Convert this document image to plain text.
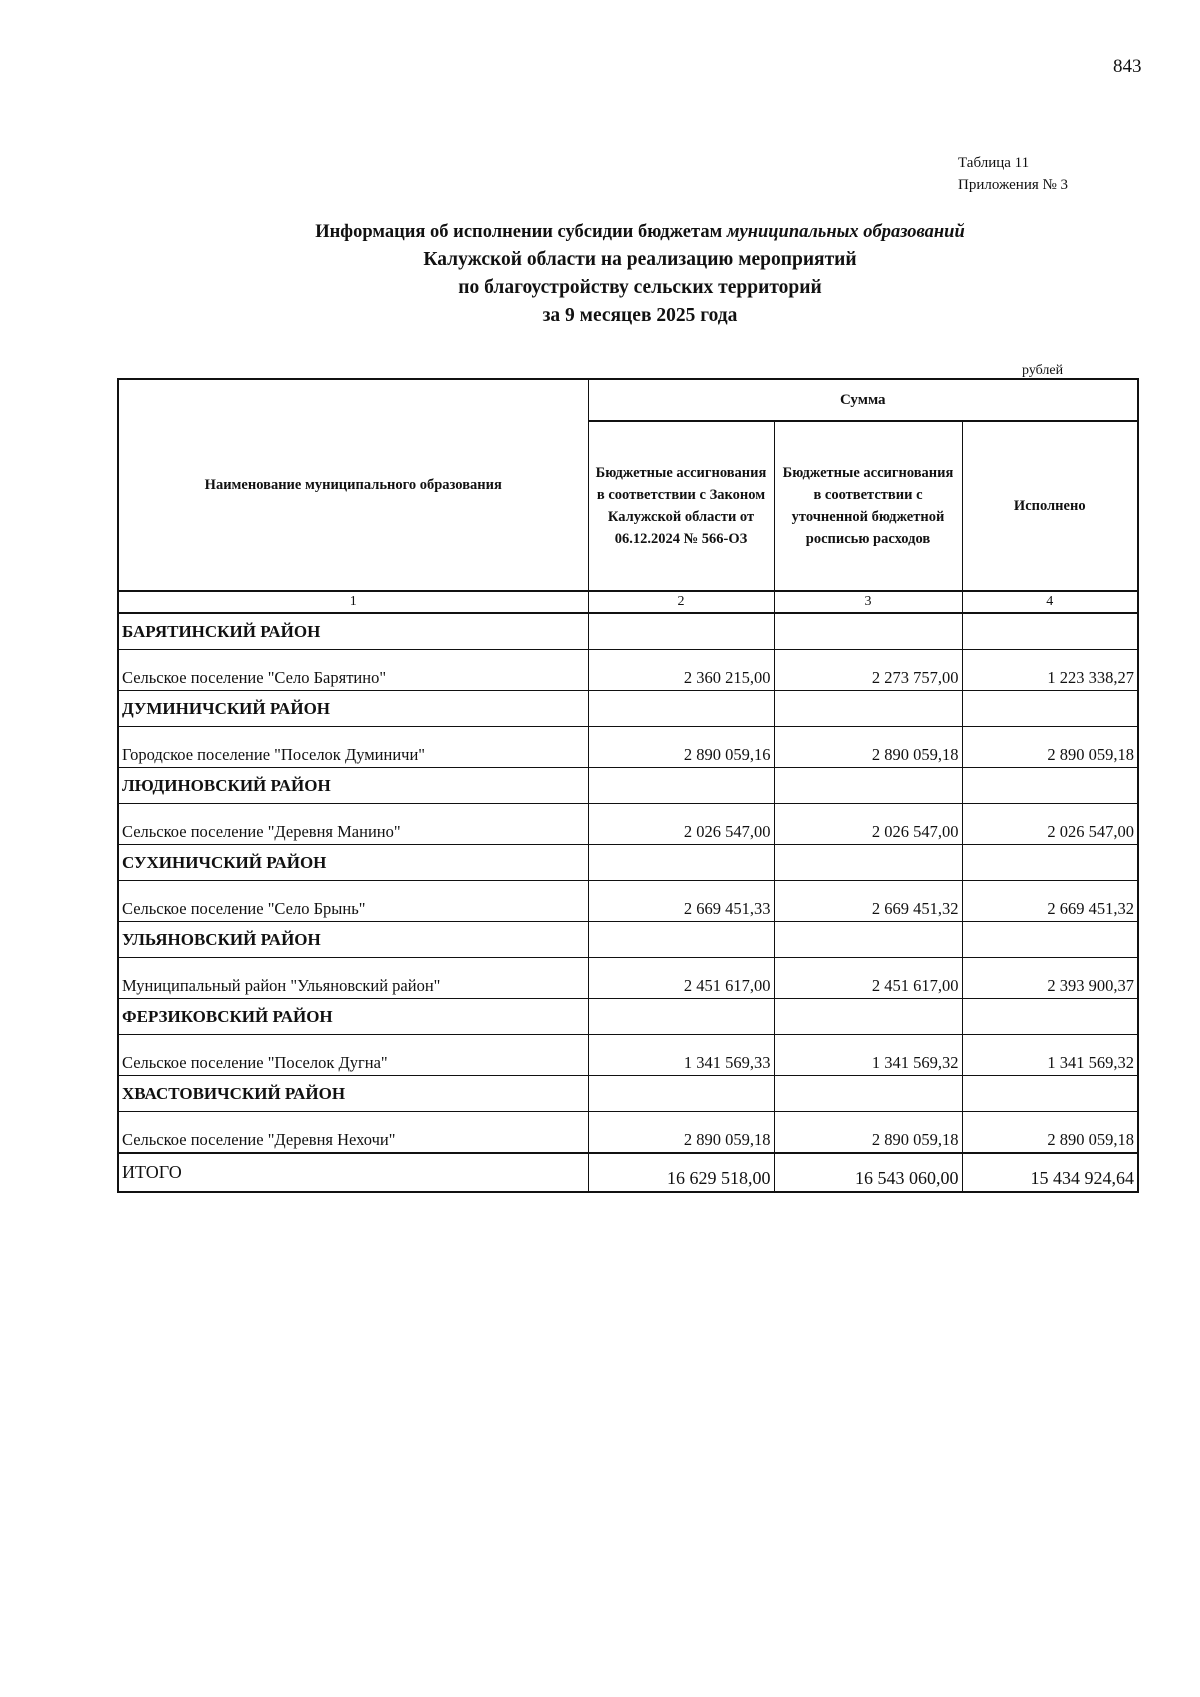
843
Таблица 11
Приложения № 3
Информация об исполнении субсидии бюджетам муниципальных образований
Калужской области на реализацию мероприятий
по благоустройству сельских территорий
за 9 месяцев 2025 года
рублей
Наименование муниципального образования	Сумма		
	Бюджетные ассигнования в соответствии с Законом Калужской области от 06.12.2024 № 566-ОЗ	Бюджетные ассигнования в соответствии с уточненной бюджетной росписью расходов	Исполнено
1	2	3	4
БАРЯТИНСКИЙ РАЙОН			
Сельское поселение "Село Барятино"	2 360 215,00	2 273 757,00	1 223 338,27
ДУМИНИЧСКИЙ РАЙОН			
Городское поселение "Поселок Думиничи"	2 890 059,16	2 890 059,18	2 890 059,18
ЛЮДИНОВСКИЙ РАЙОН			
Сельское поселение "Деревня Манино"	2 026 547,00	2 026 547,00	2 026 547,00
СУХИНИЧСКИЙ РАЙОН			
Сельское поселение "Село Брынь"	2 669 451,33	2 669 451,32	2 669 451,32
УЛЬЯНОВСКИЙ РАЙОН			
Муниципальный район "Ульяновский район"	2 451 617,00	2 451 617,00	2 393 900,37
ФЕРЗИКОВСКИЙ РАЙОН			
Сельское поселение "Поселок Дугна"	1 341 569,33	1 341 569,32	1 341 569,32
ХВАСТОВИЧСКИЙ РАЙОН			
Сельское поселение "Деревня Нехочи"	2 890 059,18	2 890 059,18	2 890 059,18
ИТОГО	16 629 518,00	16 543 060,00	15 434 924,64
